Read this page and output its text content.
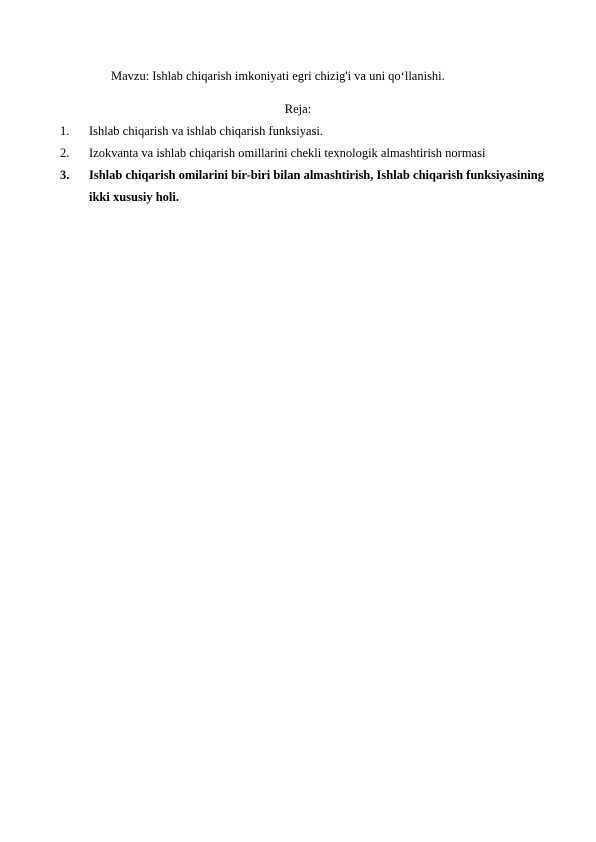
Mavzu: Ishlab chiqarish imkoniyati egri chizig'i va uni qo‘llanishi.
Reja:
1.	Ishlab chiqarish va ishlab chiqarish funksiyasi.
2.	Izokvanta va ishlab chiqarish omillarini chekli texnologik almashtirish normasi
3.	Ishlab chiqarish omilarini bir-biri bilan almashtirish, Ishlab chiqarish funksiyasining ikki xususiy holi.
